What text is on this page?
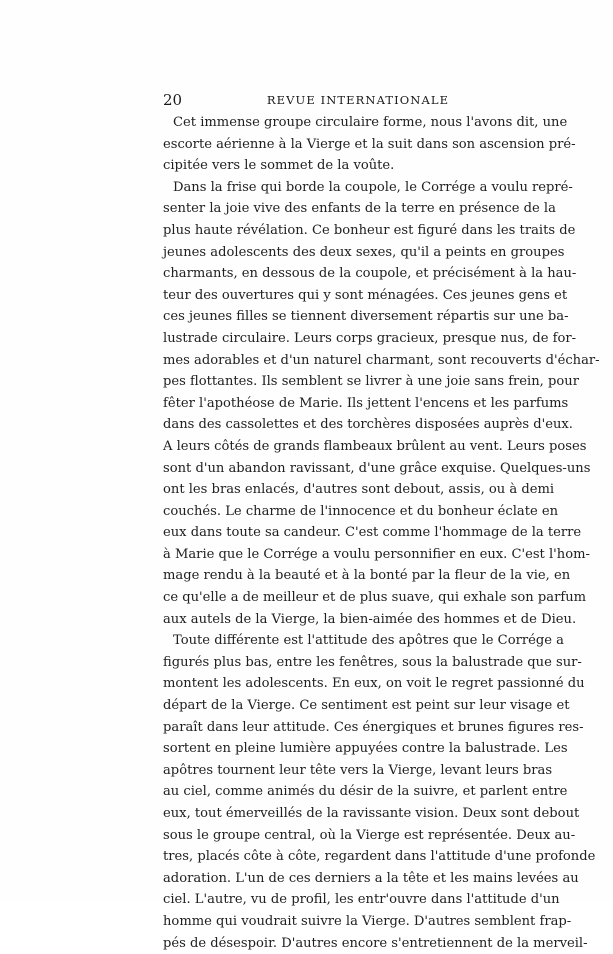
20	REVUE INTERNATIONALE

Cet immense groupe circulaire forme, nous l'avons dit, une
escorte aérienne à la Vierge et la suit dans son ascension pré-
cipitée vers le sommet de la voûte.

Dans la frise qui borde la coupole, le Corrége a voulu repré-
senter la joie vive des enfants de la terre en présence de la
plus haute révélation. Ce bonheur est figuré dans les traits de
jeunes adolescents des deux sexes, qu'il a peints en groupes
charmants, en dessous de la coupole, et précisément à la hau-
teur des ouvertures qui y sont ménagées. Ces jeunes gens et
ces jeunes filles se tiennent diversement répartis sur une ba-
lustrade circulaire. Leurs corps gracieux, presque nus, de for-
mes adorables et d'un naturel charmant, sont recouverts d'échar-
pes flottantes. Ils semblent se livrer à une joie sans frein, pour
fêter l'apothéose de Marie. Ils jettent l'encens et les parfums
dans des cassolettes et des torchères disposées auprès d'eux.
A leurs côtés de grands flambeaux brûlent au vent. Leurs poses
sont d'un abandon ravissant, d'une grâce exquise. Quelques-uns
ont les bras enlacés, d'autres sont debout, assis, ou à demi
couchés. Le charme de l'innocence et du bonheur éclate en
eux dans toute sa candeur. C'est comme l'hommage de la terre
à Marie que le Corrége a voulu personnifier en eux. C'est l'hom-
mage rendu à la beauté et à la bonté par la fleur de la vie, en
ce qu'elle a de meilleur et de plus suave, qui exhale son parfum
aux autels de la Vierge, la bien-aimée des hommes et de Dieu.

Toute différente est l'attitude des apôtres que le Corrége a
figurés plus bas, entre les fenêtres, sous la balustrade que sur-
montent les adolescents. En eux, on voit le regret passionné du
départ de la Vierge. Ce sentiment est peint sur leur visage et
paraît dans leur attitude. Ces énergiques et brunes figures res-
sortent en pleine lumière appuyées contre la balustrade. Les
apôtres tournent leur tête vers la Vierge, levant leurs bras
au ciel, comme animés du désir de la suivre, et parlent entre
eux, tout émerveillés de la ravissante vision. Deux sont debout
sous le groupe central, où la Vierge est représentée. Deux au-
tres, placés côte à côte, regardent dans l'attitude d'une profonde
adoration. L'un de ces derniers a la tête et les mains levées au
ciel. L'autre, vu de profil, les entr'ouvre dans l'attitude d'un
homme qui voudrait suivre la Vierge. D'autres semblent frap-
pés de désespoir. D'autres encore s'entretiennent de la merveil-
